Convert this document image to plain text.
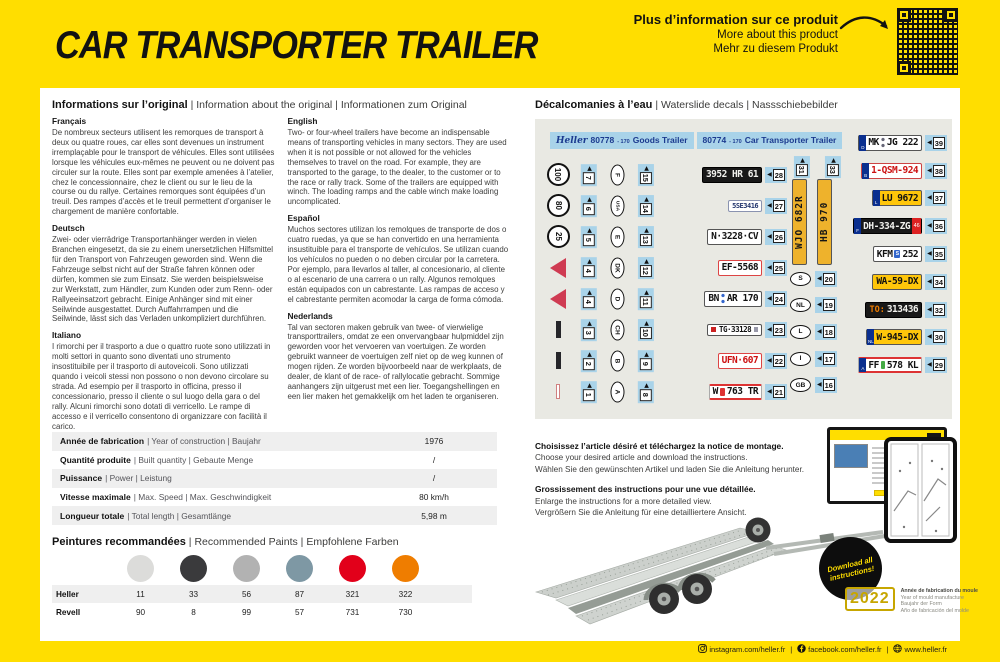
CAR TRANSPORTER TRAILER
Plus d’information sur ce produit
More about this product
Mehr zu diesem Produkt
Informations sur l’original | Information about the original | Informationen zum Original
Français
De nombreux secteurs utilisent les remorques de transport à deux ou quatre roues, car elles sont devenues un instrument irremplaçable pour le transport de véhicules. Elles sont utilisées lorsque les véhicules eux-mêmes ne peuvent ou ne doivent pas circuler sur la route. Elles sont par exemple amenées à l’atelier, chez le concessionnaire, chez le client ou sur le lieu de la course ou du rallye. Certaines remorques sont équipées d’un treuil. Des rampes d’accès et le treuil permettent d’organiser le chargement de manière confortable.
Deutsch
Zwei- oder vierrädrige Transportanhänger werden in vielen Branchen eingesetzt, da sie zu einem unersetzlichen Hilfsmittel für den Transport von Fahrzeugen geworden sind. Wenn die Fahrzeuge selbst nicht auf der Straße fahren können oder dürfen, kommen sie zum Einsatz. Sie werden beispielsweise zur Werkstatt, zum Händler, zum Kunden oder zum Renn- oder Rallyeeinsatzort gebracht. Einige Anhänger sind mit einer Seilwinde ausgestattet. Durch Auffahrrampen und die Seilwinde, lässt sich das Verladen unkompliziert durchführen.
Italiano
I rimorchi per il trasporto a due o quattro ruote sono utilizzati in molti settori in quanto sono diventati uno strumento insostituibile per il trasporto di autoveicoli. Sono utilizzati quando i veicoli stessi non possono o non devono circolare su strada. Ad esempio per il trasporto in officina, presso il concessionario, presso il cliente o sul luogo della gara o del rally. Alcuni rimorchi sono dotati di verricello. Le rampe di accesso e il verricello consentono di organizzare con facilità il carico.
English
Two- or four-wheel trailers have become an indispensable means of transporting vehicles in many sectors. They are used when it is not possible or not allowed for the vehicles themselves to travel on the road. For example, they are transported to the garage, to the dealer, to the customer or to the race or rally track. Some of the trailers are equipped with winch. The loading ramps and the cable winch make loading uncomplicated.
Español
Muchos sectores utilizan los remolques de transporte de dos o cuatro ruedas, ya que se han convertido en una herramienta insustituible para el transporte de vehículos. Se utilizan cuando los vehículos no pueden o no deben circular por la carretera. Por ejemplo, para llevarlos al taller, al concesionario, al cliente o al escenario de una carrera o un rally. Algunos remolques están equipados con un cabrestante. Las rampas de acceso y el cabrestante permiten acomodar la carga de forma cómoda.
Nederlands
Tal van sectoren maken gebruik van twee- of vierwielige transporttrailers, omdat ze een onvervangbaar hulpmiddel zijn geworden voor het vervoeren van voertuigen. Ze worden gebruikt wanneer de voertuigen zelf niet op de weg kunnen of mogen rijden. Ze worden bijvoorbeeld naar de werkplaats, de dealer, de klant of de race- of rallylocatie gebracht. Sommige aanhangers zijn uitgerust met een lier. Toegangshellingen en een lier maken het gemakkelijk om het laden te organiseren.
Année de fabrication | Year of construction | Baujahr	1976
Quantité produite | Built quantity | Gebaute Menge	/
Puissance | Power | Leistung	/
Vitesse maximale | Max. Speed | Max. Geschwindigkeit	80 km/h
Longueur totale | Total length | Gesamtlänge	5,98 m
Peintures recommandées | Recommended Paints | Empfohlene Farben
Heller	11	33	56	87	321	322
Revell	90	8	99	57	731	730
Décalcomanies à l’eau | Waterslide decals | Nassschiebebilder
Heller 80778 - 170 Goods Trailer 80774 - 170 Car Transporter Trailer
100	◀
7
F
◀
15
80
◀
6	USA
◀
14
25
◀
5
E
◀
13
◀
4	DK
◀
12
◀
4
D
◀
11
◀
3	CH
◀
10
◀
2
B
◀
9
◀
1
A
◀
8
3952 HR 61 ◀ 28
5SE3416 ◀ 27
N·3228·CV ◀ 26
EF-5568 ◀ 25
BN AR 170 ◀ 24
TG·33128	◀ 23
UFN·607 ◀ 22
W 763 TR ◀ 21
◀
31
◀
33
WJO 682R HB 970
S	◀ 20
NL	◀ 19
L	◀ 18
I	◀ 17
GB	◀ 16
D MK JG 222 ◀ 39
B 1-QSM-924 ◀ 38
L LU 9672 ◀ 37
F DH-334-ZG 46 ◀ 36
KFM S 252 ◀ 35
WA-59-DX ◀ 34
TO: 313436 ◀ 32
NL W-945-DX ◀ 30
A FF 578 KL ◀ 29
Choisissez l’article désiré et téléchargez la notice de montage.
Choose your desired article and download the instructions.
Wählen Sie den gewünschten Artikel und laden Sie die Anleitung herunter.
Grossissement des instructions pour une vue détaillée.
Enlarge the instructions for a more detailed view.
Vergrößern Sie die Anleitung für eine detailliertere Ansicht.
Download all instructions!
2022	Année de fabrication du moule
Year of mould manufacture
Baujahr der Form
Año de fabricación del molde
instagram.com/heller.fr | facebook.com/heller.fr | www.heller.fr
